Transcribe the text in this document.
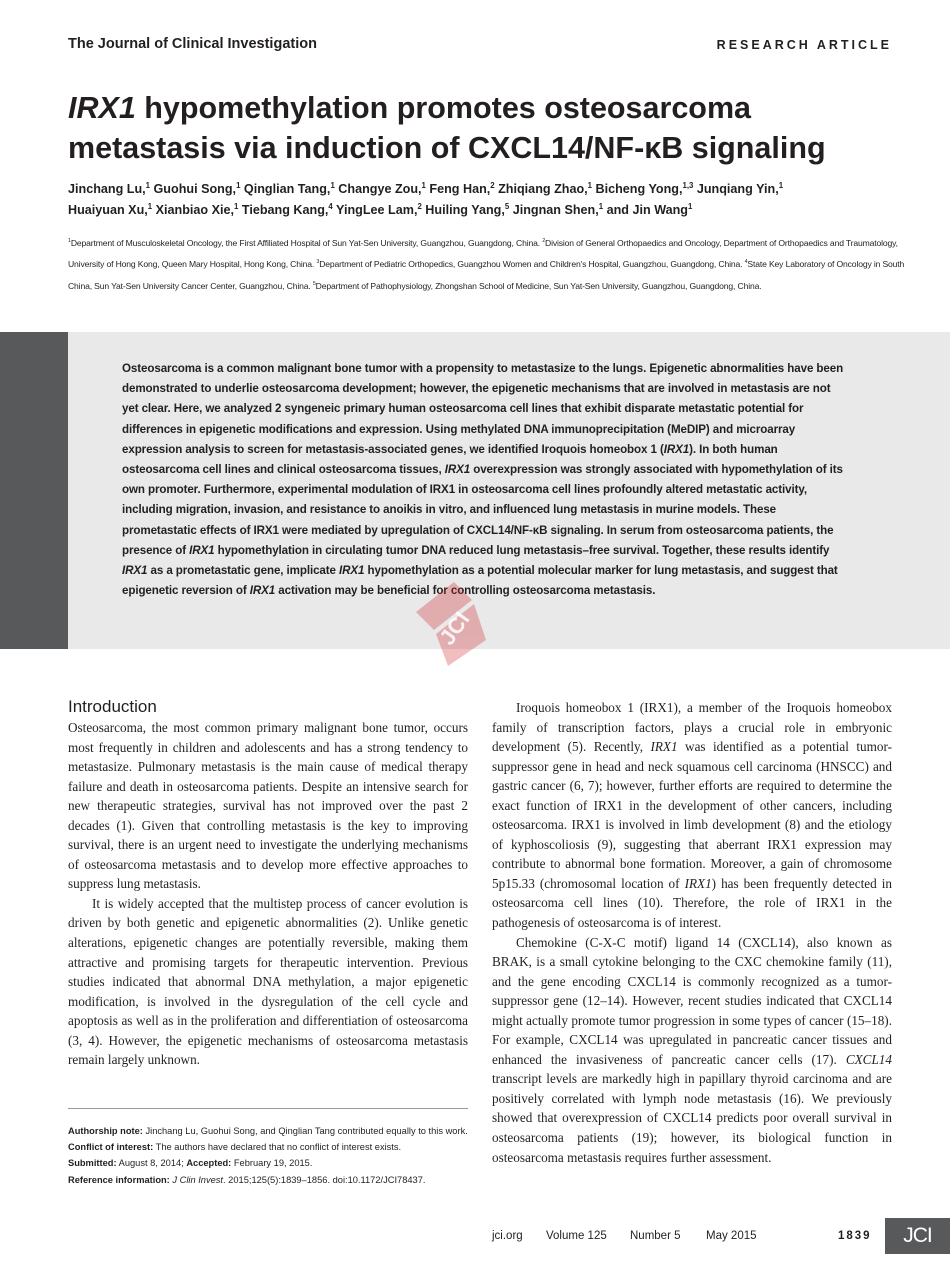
The Journal of Clinical Investigation	RESEARCH ARTICLE
IRX1 hypomethylation promotes osteosarcoma
metastasis via induction of CXCL14/NF-κB signaling
Jinchang Lu,$^1$ Guohui Song,$^1$ Qinglian Tang,$^1$ Changye Zou,$^1$ Feng Han,$^2$ Zhiqiang Zhao,$^1$ Bicheng Yong,$^{1,3}$ Junqiang Yin,$^1$
Huaiyuan Xu,$^1$ Xianbiao Xie,$^1$ Tiebang Kang,$^4$ YingLee Lam,$^2$ Huiling Yang,$^5$ Jingnan Shen,$^1$ and Jin Wang$^1$
$^1$Department of Musculoskeletal Oncology, the First Affiliated Hospital of Sun Yat-Sen University, Guangzhou, Guangdong, China. $^2$Division of General Orthopaedics and Oncology, Department of Orthopaedics and Traumatology, University of Hong Kong, Queen Mary Hospital, Hong Kong, China. $^3$Department of Pediatric Orthopedics, Guangzhou Women and Children's Hospital, Guangzhou, Guangdong, China. $^4$State Key Laboratory of Oncology in South China, Sun Yat-Sen University Cancer Center, Guangzhou, China. $^5$Department of Pathophysiology, Zhongshan School of Medicine, Sun Yat-Sen University, Guangzhou, Guangdong, China.
Osteosarcoma is a common malignant bone tumor with a propensity to metastasize to the lungs. Epigenetic abnormalities have been demonstrated to underlie osteosarcoma development; however, the epigenetic mechanisms that are involved in metastasis are not yet clear. Here, we analyzed 2 syngeneic primary human osteosarcoma cell lines that exhibit disparate metastatic potential for differences in epigenetic modifications and expression. Using methylated DNA immunoprecipitation (MeDIP) and microarray expression analysis to screen for metastasis-associated genes, we identified Iroquois homeobox 1 (IRX1). In both human osteosarcoma cell lines and clinical osteosarcoma tissues, IRX1 overexpression was strongly associated with hypomethylation of its own promoter. Furthermore, experimental modulation of IRX1 in osteosarcoma cell lines profoundly altered metastatic activity, including migration, invasion, and resistance to anoikis in vitro, and influenced lung metastasis in murine models. These prometastatic effects of IRX1 were mediated by upregulation of CXCL14/NF-κB signaling. In serum from osteosarcoma patients, the presence of IRX1 hypomethylation in circulating tumor DNA reduced lung metastasis–free survival. Together, these results identify IRX1 as a prometastatic gene, implicate IRX1 hypomethylation as a potential molecular marker for lung metastasis, and suggest that epigenetic reversion of IRX1 activation may be beneficial for controlling osteosarcoma metastasis.
JCI
Introduction

Osteosarcoma, the most common primary malignant bone tumor, occurs most frequently in children and adolescents and has a strong tendency to metastasize. Pulmonary metastasis is the main cause of medical therapy failure and death in osteosarcoma patients. Despite an intensive search for new therapeutic strategies, survival has not improved over the past 2 decades (1). Given that controlling metastasis is the key to improving survival, there is an urgent need to investigate the underlying mechanisms of osteosarcoma metastasis and to develop more effective approaches to suppress lung metastasis.

It is widely accepted that the multistep process of cancer evolution is driven by both genetic and epigenetic abnormalities (2). Unlike genetic alterations, epigenetic changes are potentially reversible, making them attractive and promising targets for therapeutic intervention. Previous studies indicated that abnormal DNA methylation, a major epigenetic modification, is involved in the dysregulation of the cell cycle and apoptosis as well as in the proliferation and differentiation of osteosarcoma (3, 4). However, the epigenetic mechanisms of osteosarcoma metastasis remain largely unknown.

Iroquois homeobox 1 (IRX1), a member of the Iroquois homeobox family of transcription factors, plays a crucial role in embryonic development (5). Recently, IRX1 was identified as a potential tumor-suppressor gene in head and neck squamous cell carcinoma (HNSCC) and gastric cancer (6, 7); however, further efforts are required to determine the exact function of IRX1 in the development of other cancers, including osteosarcoma. IRX1 is involved in limb development (8) and the etiology of kyphoscoliosis (9), suggesting that aberrant IRX1 expression may contribute to abnormal bone formation. Moreover, a gain of chromosome 5p15.33 (chromosomal location of IRX1) has been frequently detected in osteosarcoma cell lines (10). Therefore, the role of IRX1 in the pathogenesis of osteosarcoma is of interest.

Chemokine (C-X-C motif) ligand 14 (CXCL14), also known as BRAK, is a small cytokine belonging to the CXC chemokine family (11), and the gene encoding CXCL14 is commonly recognized as a tumor-suppressor gene (12–14). However, recent studies indicated that CXCL14 might actually promote tumor progression in some types of cancer (15–18). For example, CXCL14 was upregulated in pancreatic cancer tissues and enhanced the invasiveness of pancreatic cancer cells (17). CXCL14 transcript levels are markedly high in papillary thyroid carcinoma and are positively correlated with lymph node metastasis (16). We previously showed that overexpression of CXCL14 predicts poor overall survival in osteosarcoma patients (19); however, its biological function in osteosarcoma metastasis requires further assessment.

Authorship note: Jinchang Lu, Guohui Song, and Qinglian Tang contributed equally to this work.

Conflict of interest: The authors have declared that no conflict of interest exists.

Submitted: August 8, 2014; Accepted: February 19, 2015.

Reference information: J Clin Invest. 2015;125(5):1839–1856. doi:10.1172/JCI78437.

jci.org Volume 125 Number 5 May 2015	1839	JCI
